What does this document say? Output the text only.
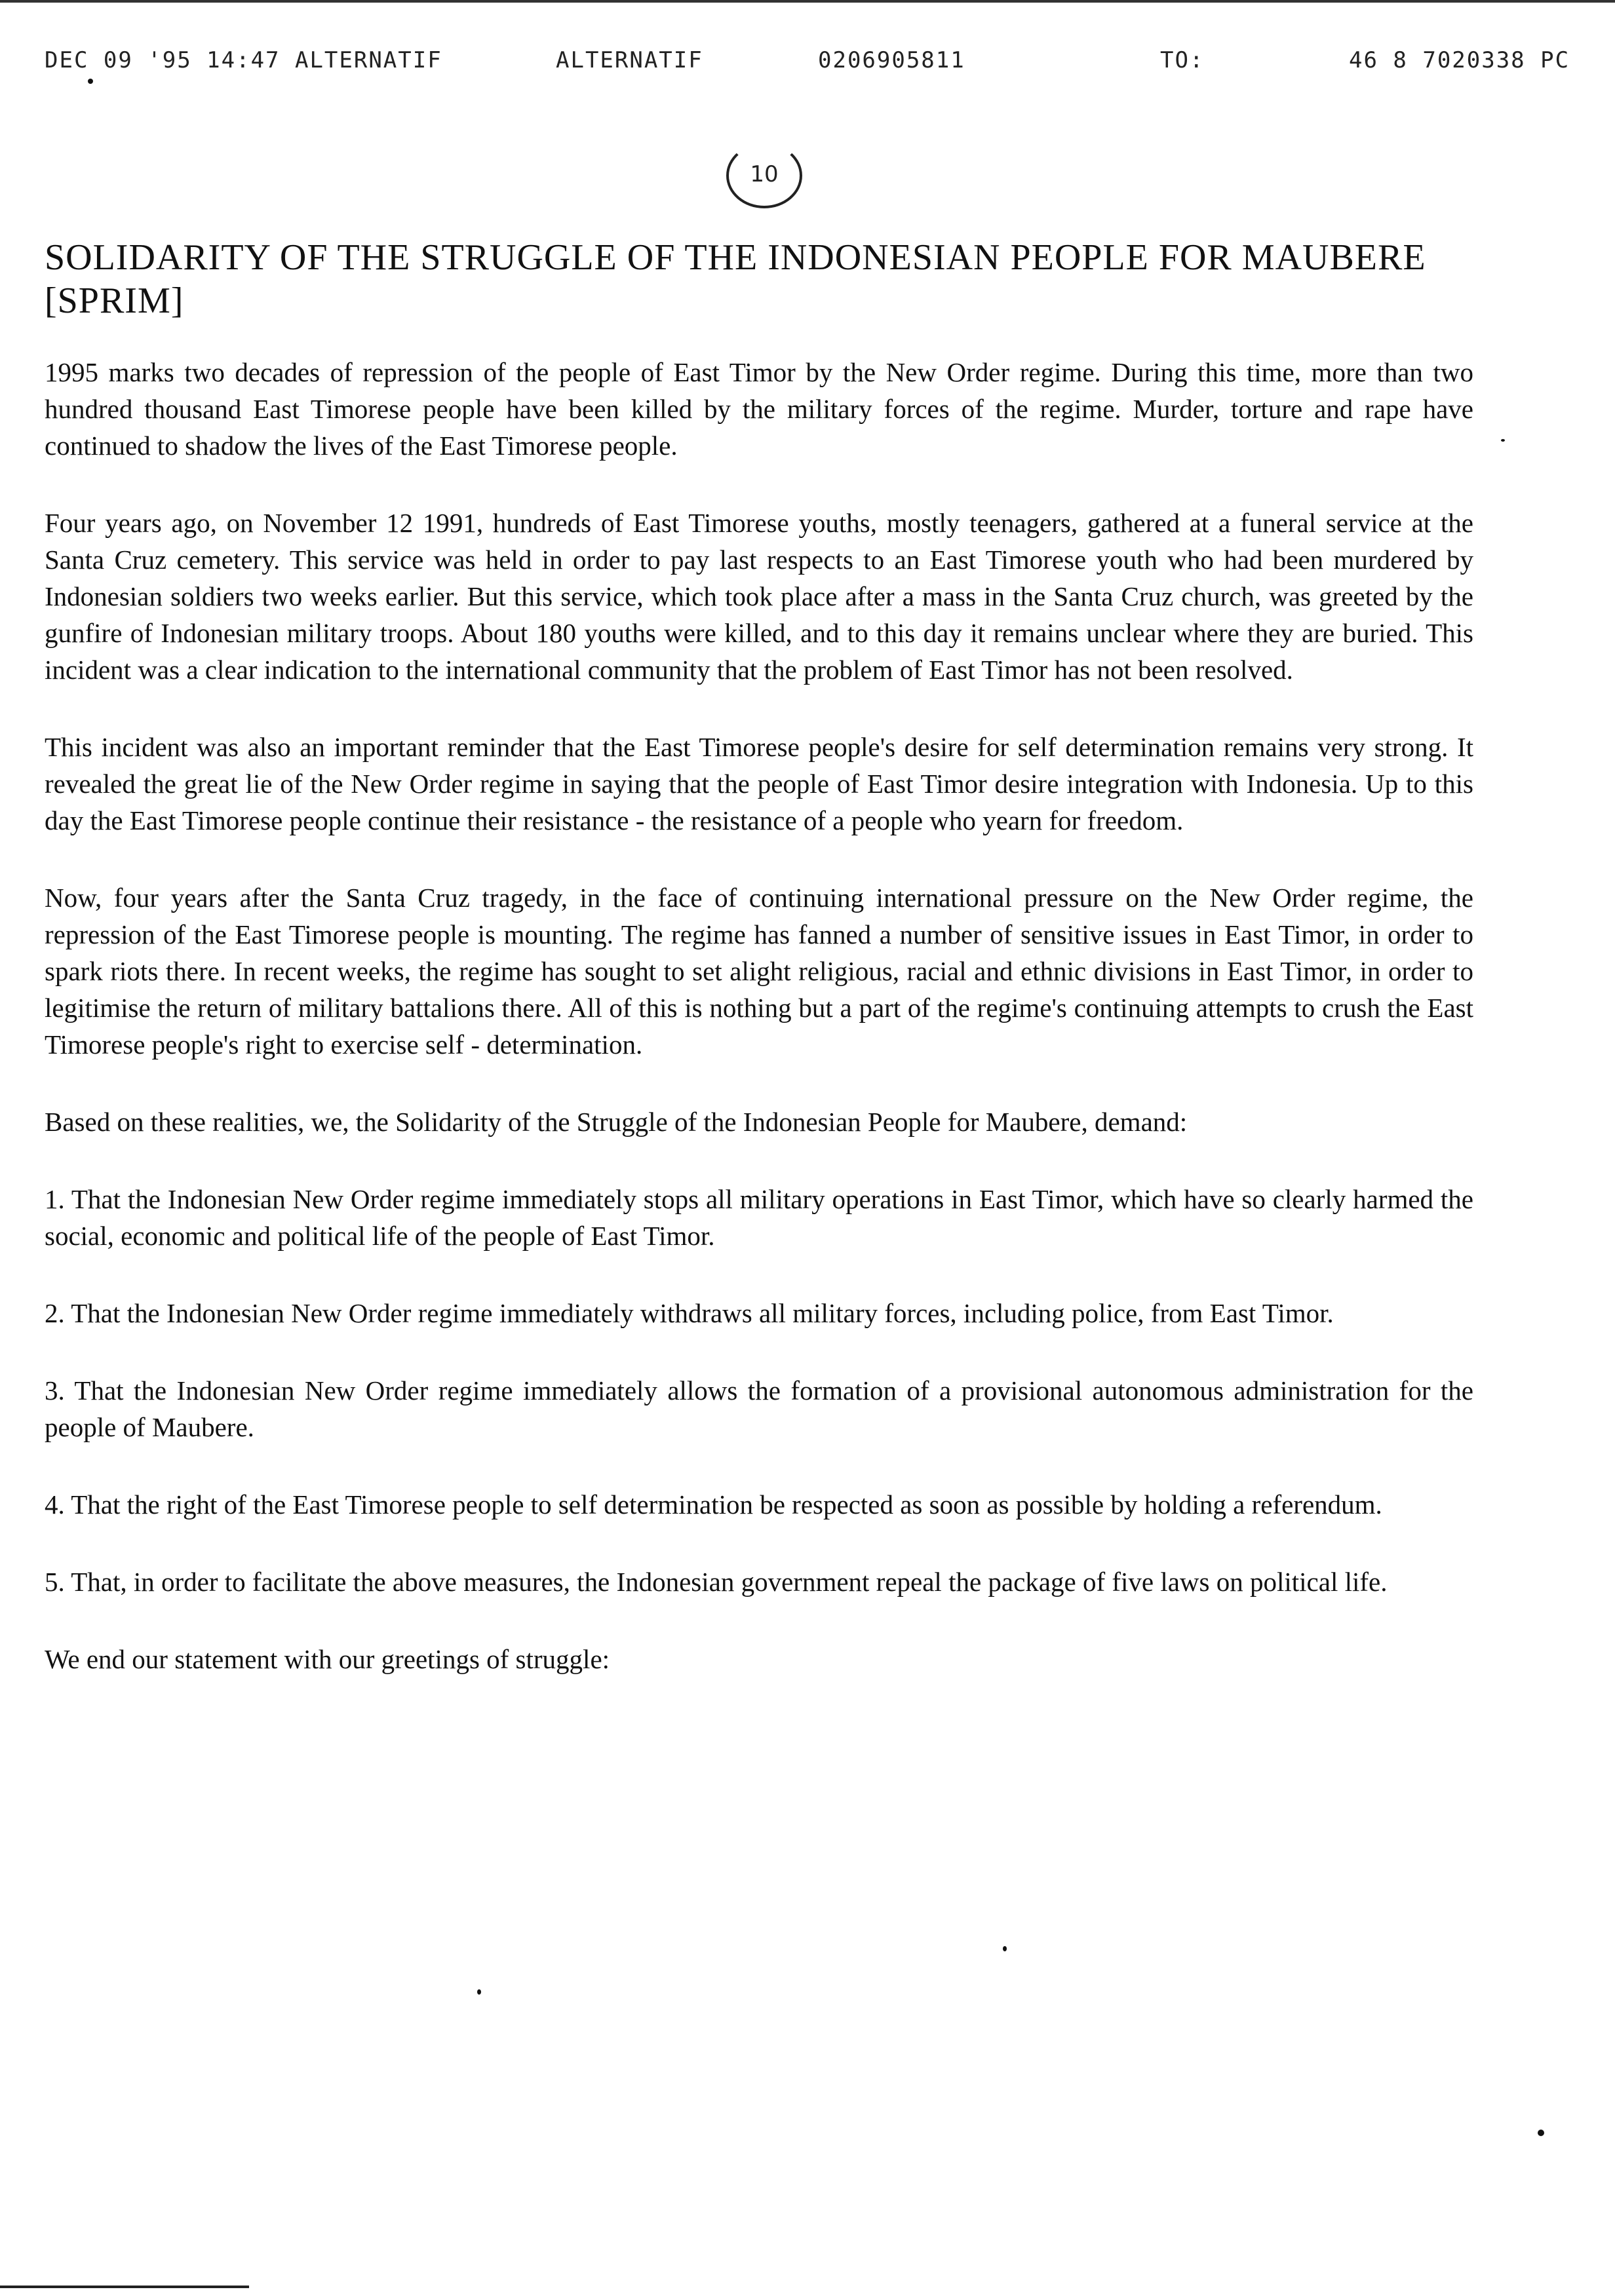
DEC 09 '95 14:47 ALTERNATIF	ALTERNATIF	0206905811	TO:	46 8 7020338 PC
10
SOLIDARITY OF THE STRUGGLE OF THE INDONESIAN PEOPLE FOR MAUBERE [SPRIM]

1995 marks two decades of repression of the people of East Timor by the New Order regime. During this time, more than two hundred thousand East Timorese people have been killed by the military forces of the regime. Murder, torture and rape have continued to shadow the lives of the East Timorese people.

Four years ago, on November 12 1991, hundreds of East Timorese youths, mostly teenagers, gathered at a funeral service at the Santa Cruz cemetery. This service was held in order to pay last respects to an East Timorese youth who had been murdered by Indonesian soldiers two weeks earlier. But this service, which took place after a mass in the Santa Cruz church, was greeted by the gunfire of Indonesian military troops. About 180 youths were killed, and to this day it remains unclear where they are buried. This incident was a clear indication to the international community that the problem of East Timor has not been resolved.

This incident was also an important reminder that the East Timorese people's desire for self determination remains very strong. It revealed the great lie of the New Order regime in saying that the people of East Timor desire integration with Indonesia. Up to this day the East Timorese people continue their resistance - the resistance of a people who yearn for freedom.

Now, four years after the Santa Cruz tragedy, in the face of continuing international pressure on the New Order regime, the repression of the East Timorese people is mounting. The regime has fanned a number of sensitive issues in East Timor, in order to spark riots there. In recent weeks, the regime has sought to set alight religious, racial and ethnic divisions in East Timor, in order to legitimise the return of military battalions there. All of this is nothing but a part of the regime's continuing attempts to crush the East Timorese people's right to exercise self - determination.

Based on these realities, we, the Solidarity of the Struggle of the Indonesian People for Maubere, demand:

1. That the Indonesian New Order regime immediately stops all military operations in East Timor, which have so clearly harmed the social, economic and political life of the people of East Timor.

2. That the Indonesian New Order regime immediately withdraws all military forces, including police, from East Timor.

3. That the Indonesian New Order regime immediately allows the formation of a provisional autonomous administration for the people of Maubere.

4. That the right of the East Timorese people to self determination be respected as soon as possible by holding a referendum.

5. That, in order to facilitate the above measures, the Indonesian government repeal the package of five laws on political life.

We end our statement with our greetings of struggle:
